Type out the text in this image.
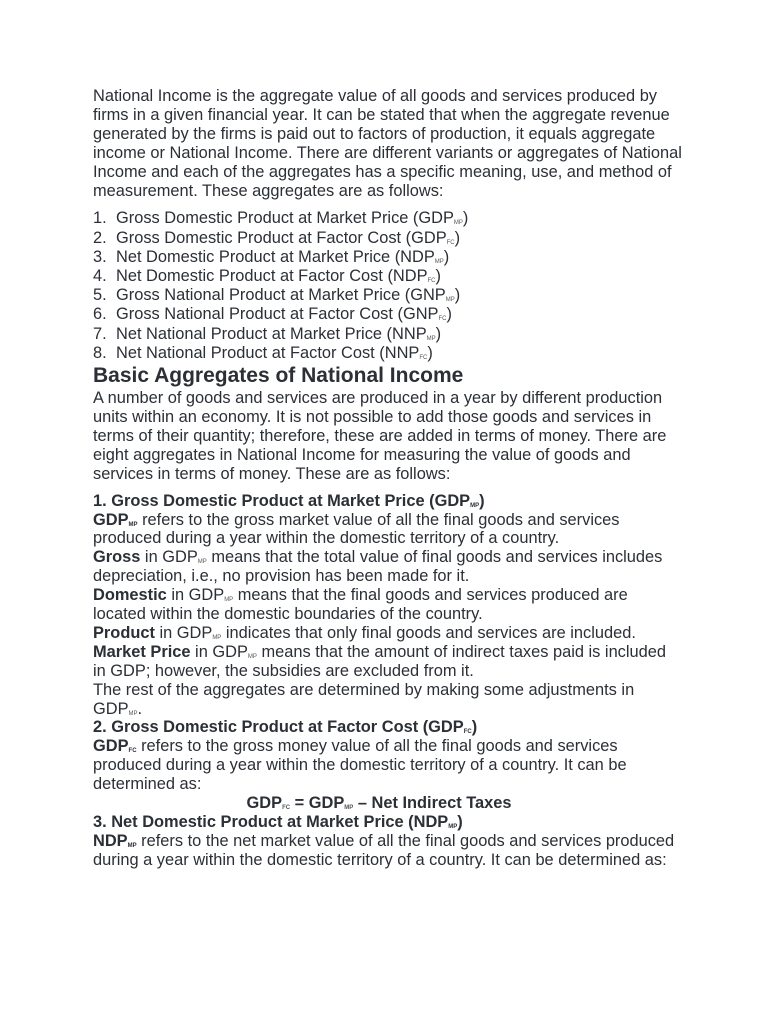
National Income is the aggregate value of all goods and services produced by firms in a given financial year. It can be stated that when the aggregate revenue generated by the firms is paid out to factors of production, it equals aggregate income or National Income. There are different variants or aggregates of National Income and each of the aggregates has a specific meaning, use, and method of measurement. These aggregates are as follows:

1. Gross Domestic Product at Market Price $(GDP_{MP})$
2. Gross Domestic Product at Factor Cost $(GDP_{FC})$
3. Net Domestic Product at Market Price $(NDP_{MP})$
4. Net Domestic Product at Factor Cost $(NDP_{FC})$
5. Gross National Product at Market Price $(GNP_{MP})$
6. Gross National Product at Factor Cost $(GNP_{FC})$
7. Net National Product at Market Price $(NNP_{MP})$
8. Net National Product at Factor Cost $(NNP_{FC})$
Basic Aggregates of National Income

A number of goods and services are produced in a year by different production units within an economy. It is not possible to add those goods and services in terms of their quantity; therefore, these are added in terms of money. There are eight aggregates in National Income for measuring the value of goods and services in terms of money. These are as follows:

1. Gross Domestic Product at Market Price $(GDP_{MP})$

$GDP_{MP}$ refers to the gross market value of all the final goods and services produced during a year within the domestic territory of a country.

Gross in $GDP_{MP}$ means that the total value of final goods and services includes depreciation, i.e., no provision has been made for it.

Domestic in $GDP_{MP}$ means that the final goods and services produced are located within the domestic boundaries of the country.

Product in $GDP_{MP}$ indicates that only final goods and services are included.

Market Price in $GDP_{MP}$ means that the amount of indirect taxes paid is included in GDP; however, the subsidies are excluded from it.

The rest of the aggregates are determined by making some adjustments in $GDP_{MP}$.

2. Gross Domestic Product at Factor Cost $(GDP_{FC})$

$GDP_{FC}$ refers to the gross money value of all the final goods and services produced during a year within the domestic territory of a country. It can be determined as:

$GDP_{FC} = GDP_{MP}$ – Net Indirect Taxes

3. Net Domestic Product at Market Price $(NDP_{MP})$

$NDP_{MP}$ refers to the net market value of all the final goods and services produced during a year within the domestic territory of a country. It can be determined as:
